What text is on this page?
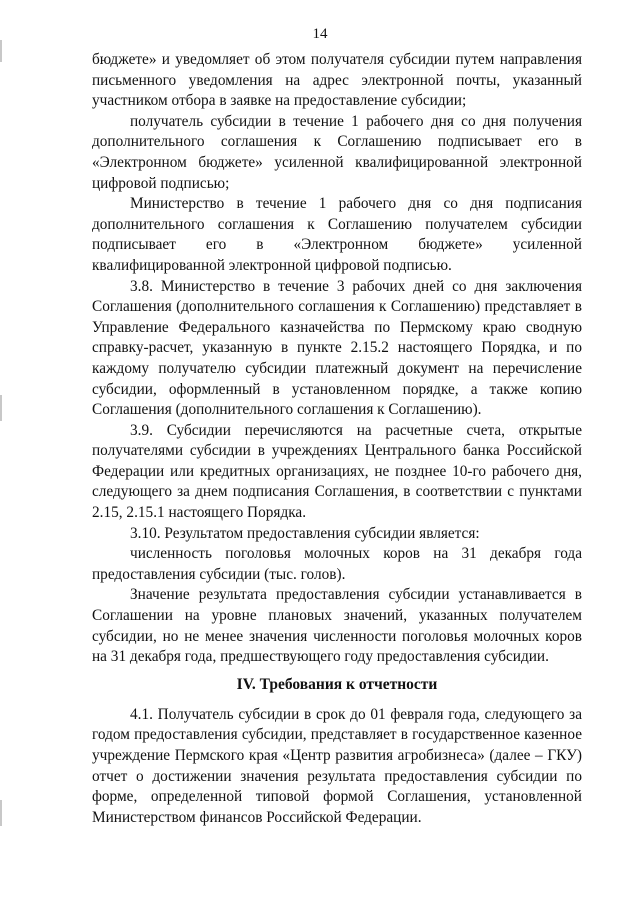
14

бюджете» и уведомляет об этом получателя субсидии путем направления письменного уведомления на адрес электронной почты, указанный участником отбора в заявке на предоставление субсидии;

получатель субсидии в течение 1 рабочего дня со дня получения дополнительного соглашения к Соглашению подписывает его в «Электронном бюджете» усиленной квалифицированной электронной цифровой подписью;

Министерство в течение 1 рабочего дня со дня подписания дополнительного соглашения к Соглашению получателем субсидии подписывает его в «Электронном бюджете» усиленной квалифицированной электронной цифровой подписью.

3.8. Министерство в течение 3 рабочих дней со дня заключения Соглашения (дополнительного соглашения к Соглашению) представляет в Управление Федерального казначейства по Пермскому краю сводную справку-расчет, указанную в пункте 2.15.2 настоящего Порядка, и по каждому получателю субсидии платежный документ на перечисление субсидии, оформленный в установленном порядке, а также копию Соглашения (дополнительного соглашения к Соглашению).

3.9. Субсидии перечисляются на расчетные счета, открытые получателями субсидии в учреждениях Центрального банка Российской Федерации или кредитных организациях, не позднее 10-го рабочего дня, следующего за днем подписания Соглашения, в соответствии с пунктами 2.15, 2.15.1 настоящего Порядка.

3.10. Результатом предоставления субсидии является:

численность поголовья молочных коров на 31 декабря года предоставления субсидии (тыс. голов).

Значение результата предоставления субсидии устанавливается в Соглашении на уровне плановых значений, указанных получателем субсидии, но не менее значения численности поголовья молочных коров на 31 декабря года, предшествующего году предоставления субсидии.

IV. Требования к отчетности

4.1. Получатель субсидии в срок до 01 февраля года, следующего за годом предоставления субсидии, представляет в государственное казенное учреждение Пермского края «Центр развития агробизнеса» (далее – ГКУ) отчет о достижении значения результата предоставления субсидии по форме, определенной типовой формой Соглашения, установленной Министерством финансов Российской Федерации.
